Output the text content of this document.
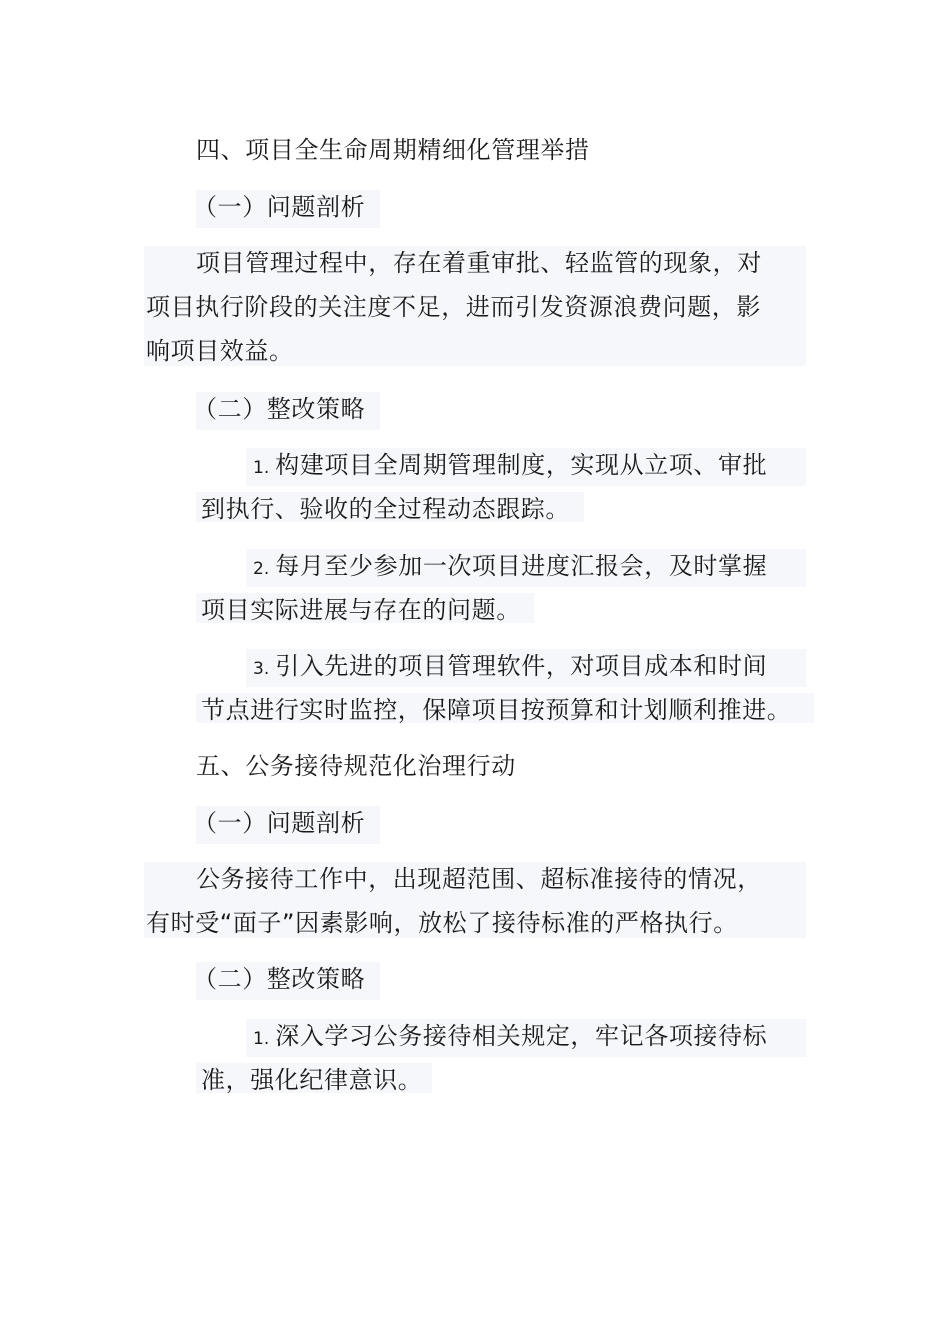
四、项目全生命周期精细化管理举措
（一）问题剖析
项目管理过程中，存在着重审批、轻监管的现象，对
项目执行阶段的关注度不足，进而引发资源浪费问题，影
响项目效益。
（二）整改策略
1. 构建项目全周期管理制度，实现从立项、审批
到执行、验收的全过程动态跟踪。
2. 每月至少参加一次项目进度汇报会，及时掌握
项目实际进展与存在的问题。
3. 引入先进的项目管理软件，对项目成本和时间
节点进行实时监控，保障项目按预算和计划顺利推进。
五、公务接待规范化治理行动
（一）问题剖析
公务接待工作中，出现超范围、超标准接待的情况，
有时受“面子”因素影响，放松了接待标准的严格执行。
（二）整改策略
1. 深入学习公务接待相关规定，牢记各项接待标
准，强化纪律意识。
